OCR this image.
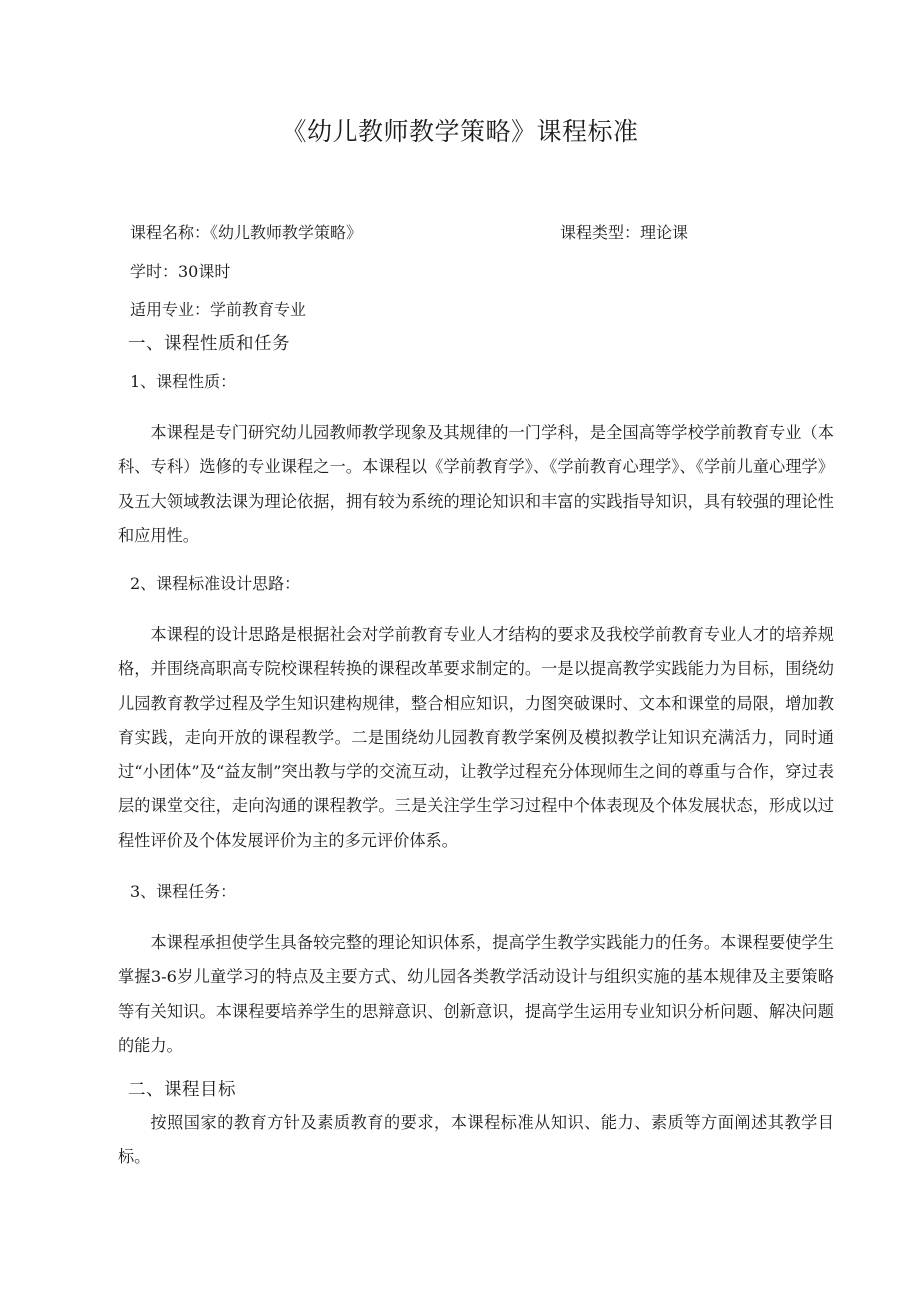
《幼儿教师教学策略》课程标准
课程名称：《幼儿教师教学策略》	课程类型：理论课
学时：30课时
适用专业：学前教育专业
一、课程性质和任务
1、课程性质：
本课程是专门研究幼儿园教师教学现象及其规律的一门学科，是全国高等学校学前教育专业（本科、专科）选修的专业课程之一。本课程以《学前教育学》、《学前教育心理学》、《学前儿童心理学》及五大领域教法课为理论依据，拥有较为系统的理论知识和丰富的实践指导知识，具有较强的理论性和应用性。
2、课程标准设计思路：
本课程的设计思路是根据社会对学前教育专业人才结构的要求及我校学前教育专业人才的培养规格，并围绕高职高专院校课程转换的课程改革要求制定的。一是以提高教学实践能力为目标，围绕幼儿园教育教学过程及学生知识建构规律，整合相应知识，力图突破课时、文本和课堂的局限，增加教育实践，走向开放的课程教学。二是围绕幼儿园教育教学案例及模拟教学让知识充满活力，同时通过“小团体”及“益友制”突出教与学的交流互动，让教学过程充分体现师生之间的尊重与合作，穿过表层的课堂交往，走向沟通的课程教学。三是关注学生学习过程中个体表现及个体发展状态，形成以过程性评价及个体发展评价为主的多元评价体系。
3、课程任务：
本课程承担使学生具备较完整的理论知识体系，提高学生教学实践能力的任务。本课程要使学生掌握3-6岁儿童学习的特点及主要方式、幼儿园各类教学活动设计与组织实施的基本规律及主要策略等有关知识。本课程要培养学生的思辩意识、创新意识，提高学生运用专业知识分析问题、解决问题的能力。
二、课程目标
按照国家的教育方针及素质教育的要求，本课程标准从知识、能力、素质等方面阐述其教学目标。
